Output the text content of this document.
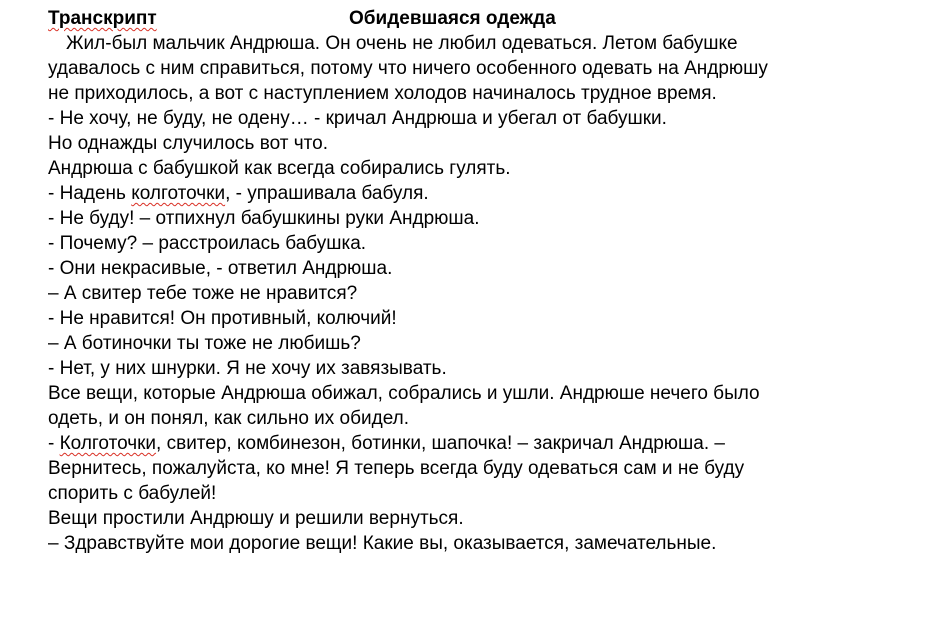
Транскрипт	Обидевшаяся одежда
Жил-был мальчик Андрюша. Он очень не любил одеваться. Летом бабушке
удавалось с ним справиться, потому что ничего особенного одевать на Андрюшу
не приходилось, а вот с наступлением холодов начиналось трудное время.
- Не хочу, не буду, не одену… - кричал Андрюша и убегал от бабушки.
Но однажды случилось вот что.
Андрюша с бабушкой как всегда собирались гулять.
- Надень колготочки, - упрашивала бабуля.
- Не буду! – отпихнул бабушкины руки Андрюша.
- Почему? – расстроилась бабушка.
- Они некрасивые, - ответил Андрюша.
– А свитер тебе тоже не нравится?
- Не нравится! Он противный, колючий!
– А ботиночки ты тоже не любишь?
- Нет, у них шнурки. Я не хочу их завязывать.
Все вещи, которые Андрюша обижал, собрались и ушли. Андрюше нечего было
одеть, и он понял, как сильно их обидел.
- Колготочки, свитер, комбинезон, ботинки, шапочка! – закричал Андрюша. –
Вернитесь, пожалуйста, ко мне! Я теперь всегда буду одеваться сам и не буду
спорить с бабулей!
Вещи простили Андрюшу и решили вернуться.
– Здравствуйте мои дорогие вещи! Какие вы, оказывается, замечательные.
